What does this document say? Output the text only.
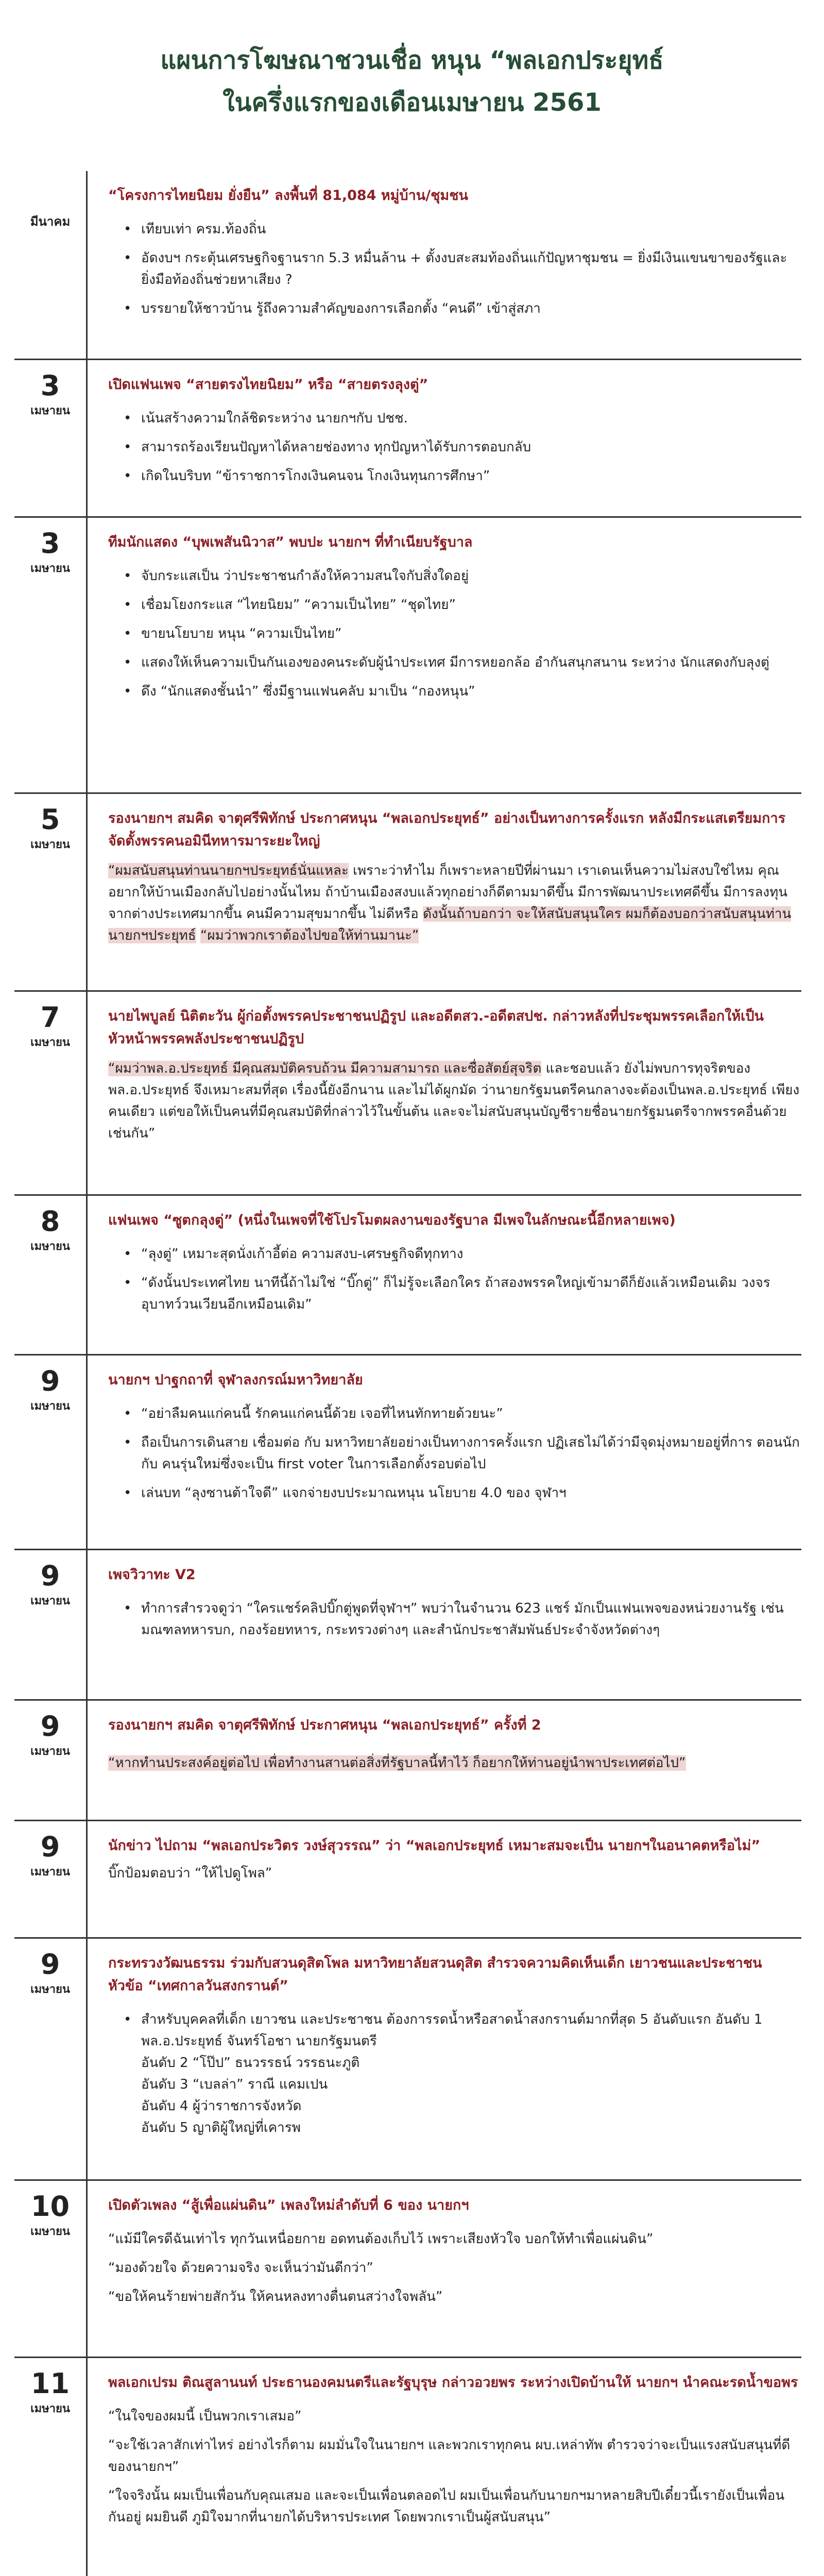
แผนการโฆษณาชวนเชื่อ หนุน “พลเอกประยุทธ์
ในครึ่งแรกของเดือนเมษายน 2561
มีนาคม
“โครงการไทยนิยม ยั่งยืน” ลงพื้นที่ 81,084 หมู่บ้าน/ชุมชน
• เทียบเท่า ครม.ท้องถิ่น
• อัดงบฯ กระตุ้นเศรษฐกิจฐานราก 5.3 หมื่นล้าน + ตั้งงบสะสมท้องถิ่นแก้ปัญหาชุมชน = ยิ่งมีเงินแขนขาของรัฐและยิ่งมือท้องถิ่นช่วยหาเสียง ?
• บรรยายให้ชาวบ้าน รู้ถึงความสำคัญของการเลือกตั้ง “คนดี” เข้าสู่สภา
3
เมษายน
เปิดแฟนเพจ “สายตรงไทยนิยม” หรือ “สายตรงลุงตู่”
• เน้นสร้างความใกล้ชิดระหว่าง นายกฯกับ ปชช.
• สามารถร้องเรียนปัญหาได้หลายช่องทาง ทุกปัญหาได้รับการตอบกลับ
• เกิดในบริบท “ข้าราชการโกงเงินคนจน โกงเงินทุนการศึกษา”
3
เมษายน
ทีมนักแสดง “บุพเพสันนิวาส” พบปะ นายกฯ ที่ทำเนียบรัฐบาล
• จับกระแสเป็น ว่าประชาชนกำลังให้ความสนใจกับสิ่งใดอยู่
• เชื่อมโยงกระแส “ไทยนิยม” “ความเป็นไทย” “ชุดไทย”
• ขายนโยบาย หนุน “ความเป็นไทย”
• แสดงให้เห็นความเป็นกันเองของคนระดับผู้นำประเทศ มีการหยอกล้อ อำกันสนุกสนาน ระหว่าง นักแสดงกับลุงตู่
• ดึง “นักแสดงชั้นนำ” ซึ่งมีฐานแฟนคลับ มาเป็น “กองหนุน”
5
เมษายน
รองนายกฯ สมคิด จาตุศรีพิทักษ์ ประกาศหนุน “พลเอกประยุทธ์” อย่างเป็นทางการครั้งแรก หลังมีกระแสเตรียมการจัดตั้งพรรคนอมินีทหารมาระยะใหญ่
“ผมสนับสนุนท่านนายกฯประยุทธ์นั่นแหละ เพราะว่าทำไม ก็เพราะหลายปีที่ผ่านมา เราเดนเห็นความไม่สงบใช่ไหม คุณอยากให้บ้านเมืองกลับไปอย่างนั้นไหม ถ้าบ้านเมืองสงบแล้วทุกอย่างก็ดีตามมาดีขึ้น มีการพัฒนาประเทศดีขึ้น มีการลงทุนจากต่างประเทศมากขึ้น คนมีความสุขมากขึ้น ไม่ดีหรือ ดังนั้นถ้าบอกว่า จะให้สนับสนุนใคร ผมก็ต้องบอกว่าสนับสนุนท่านนายกฯประยุทธ์ “ผมว่าพวกเราต้องไปขอให้ท่านมานะ”
7
เมษายน
นายไพบูลย์ นิติตะวัน ผู้ก่อตั้งพรรคประชาชนปฏิรูป และอดีตสว.-อดีตสปช. กล่าวหลังที่ประชุมพรรคเลือกให้เป็นหัวหน้าพรรคพลังประชาชนปฏิรูป
“ผมว่าพล.อ.ประยุทธ์ มีคุณสมบัติครบถ้วน มีความสามารถ และซื่อสัตย์สุจริต และชอบแล้ว ยังไม่พบการทุจริตของ พล.อ.ประยุทธ์ จึงเหมาะสมที่สุด เรื่องนี้ยังอีกนาน และไม่ได้ผูกมัด ว่านายกรัฐมนตรีคนกลางจะต้องเป็นพล.อ.ประยุทธ์ เพียงคนเดียว แต่ขอให้เป็นคนที่มีคุณสมบัติที่กล่าวไว้ในขั้นต้น และจะไม่สนับสนุนบัญชีรายชื่อนายกรัฐมนตรีจากพรรคอื่นด้วยเช่นกัน”
8
เมษายน
แฟนเพจ “ซูตกลุงตู่” (หนึ่งในเพจที่ใช้โปรโมตผลงานของรัฐบาล มีเพจในลักษณะนี้อีกหลายเพจ)
• “ลุงตู่” เหมาะสุดนั่งเก้าอี้ต่อ ความสงบ-เศรษฐกิจดีทุกทาง
• “ดังนั้นประเทศไทย นาทีนี้ถ้าไม่ใช่ “บิ๊กตู่” ก็ไม่รู้จะเลือกใคร ถ้าสองพรรคใหญ่เข้ามาดีก็ยังแล้วเหมือนเดิม วงจรอุบาทว์วนเวียนอีกเหมือนเดิม”
9
เมษายน
นายกฯ ปาฐกถาที่ จุฬาลงกรณ์มหาวิทยาลัย
• “อย่าลืมคนแก่คนนี้ รักคนแก่คนนี้ด้วย เจอที่ไหนทักทายด้วยนะ”
• ถือเป็นการเดินสาย เชื่อมต่อ กับ มหาวิทยาลัยอย่างเป็นทางการครั้งแรก ปฏิเสธไม่ได้ว่ามีจุดมุ่งหมายอยู่ที่การ ตอนนักกับ คนรุ่นใหม่ซึ่งจะเป็น first voter ในการเลือกตั้งรอบต่อไป
• เล่นบท “ลุงซานต้าใจดี” แจกจ่ายงบประมาณหนุน นโยบาย 4.0 ของ จุฬาฯ
9
เมษายน
เพจวิวาทะ V2
• ทำการสำรวจดูว่า “ใครแชร์คลิปบิ๊กตู่พูดที่จุฬาฯ” พบว่าในจำนวน 623 แชร์ มักเป็นแฟนเพจของหน่วยงานรัฐ เช่น มณฑลทหารบก, กองร้อยทหาร, กระทรวงต่างๆ และสำนักประชาสัมพันธ์ประจำจังหวัดต่างๆ
9
เมษายน
รองนายกฯ สมคิด จาตุศรีพิทักษ์ ประกาศหนุน “พลเอกประยุทธ์” ครั้งที่ 2
“หากทำนประสงค์อยู่ต่อไป เพื่อทำงานสานต่อสิ่งที่รัฐบาลนี้ทำไว้ ก็อยากให้ท่านอยู่นำพาประเทศต่อไป”
9
เมษายน
นักข่าว ไปถาม “พลเอกประวิตร วงษ์สุวรรณ” ว่า “พลเอกประยุทธ์ เหมาะสมจะเป็น นายกฯในอนาคตหรือไม่”
บิ๊กป้อมตอบว่า “ให้ไปดูโพล”
9
เมษายน
กระทรวงวัฒนธรรม ร่วมกับสวนดุสิตโพล มหาวิทยาลัยสวนดุสิต สำรวจความคิดเห็นเด็ก เยาวชนและประชาชน หัวข้อ “เทศกาลวันสงกรานต์”
• สำหรับบุคคลที่เด็ก เยาวชน และประชาชน ต้องการรดน้ำหรือสาดน้ำสงกรานต์มากที่สุด 5 อันดับแรก อันดับ 1 พล.อ.ประยุทธ์ จันทร์โอชา นายกรัฐมนตรี
อันดับ 2 “โป๊ป” ธนวรรธน์ วรรธนะภูติ
อันดับ 3 “เบลล่า” ราณี แคมเปน
อันดับ 4 ผู้ว่าราชการจังหวัด
อันดับ 5 ญาติผู้ใหญ่ที่เคารพ
10
เมษายน
เปิดตัวเพลง “สู้เพื่อแผ่นดิน” เพลงใหม่ลำดับที่ 6 ของ นายกฯ
“แม้มีใครดีฉันเท่าไร ทุกวันเหนื่อยกาย อดทนต้องเก็บไว้ เพราะเสียงหัวใจ บอกให้ทำเพื่อแผ่นดิน”
“มองด้วยใจ ด้วยความจริง จะเห็นว่ามันดีกว่า”
“ขอให้คนร้ายพ่ายสักวัน ให้คนหลงทางตื่นตนสว่างใจพลัน”
11
เมษายน
พลเอกเปรม ติณสูลานนท์ ประธานองคมนตรีและรัฐบุรุษ กล่าวอวยพร ระหว่างเปิดบ้านให้ นายกฯ นำคณะรดน้ำขอพร
“ในใจของผมนี้ เป็นพวกเราเสมอ”
“จะใช้เวลาสักเท่าไหร่ อย่างไรก็ตาม ผมมั่นใจในนายกฯ และพวกเราทุกคน ผบ.เหล่าทัพ ตำรวจว่าจะเป็นแรงสนับสนุนที่ดีของนายกฯ”
“ใจจริงนั้น ผมเป็นเพื่อนกับคุณเสมอ และจะเป็นเพื่อนตลอดไป ผมเป็นเพื่อนกับนายกฯมาหลายสิบปีเดี๋ยวนี้เรายังเป็นเพื่อนกันอยู่ ผมยินดี ภูมิใจมากที่นายกได้บริหารประเทศ โดยพวกเราเป็นผู้สนับสนุน”
